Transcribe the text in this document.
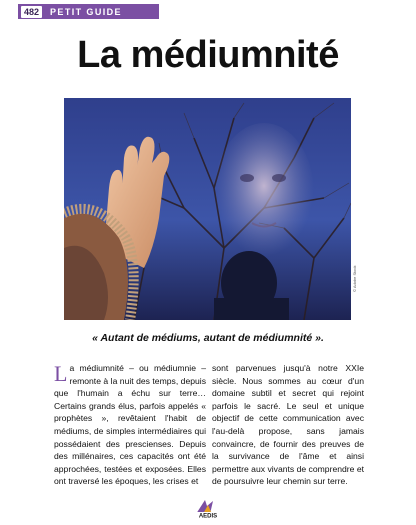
482	PETIT GUIDE
La médiumnité
© Adobe Stock
« Autant de médiums, autant de médiumnité ».
La médiumnité – ou médiumnie – remonte à la nuit des temps, depuis que l'humain a échu sur terre… Certains grands élus, parfois appelés « prophètes », revêtaient l'habit de médiums, de simples intermédiaires qui possédaient des prescienses. Depuis des millénaires, ces capacités ont été approchées, testées et exposées. Elles ont traversé les époques, les crises et
sont parvenues jusqu'à notre XXIe siècle. Nous sommes au cœur d'un domaine subtil et secret qui rejoint parfois le sacré. Le seul et unique objectif de cette communication avec l'au-delà propose, sans jamais convaincre, de fournir des preuves de la survivance de l'âme et ainsi permettre aux vivants de comprendre et de poursuivre leur chemin sur terre.
AEDIS
